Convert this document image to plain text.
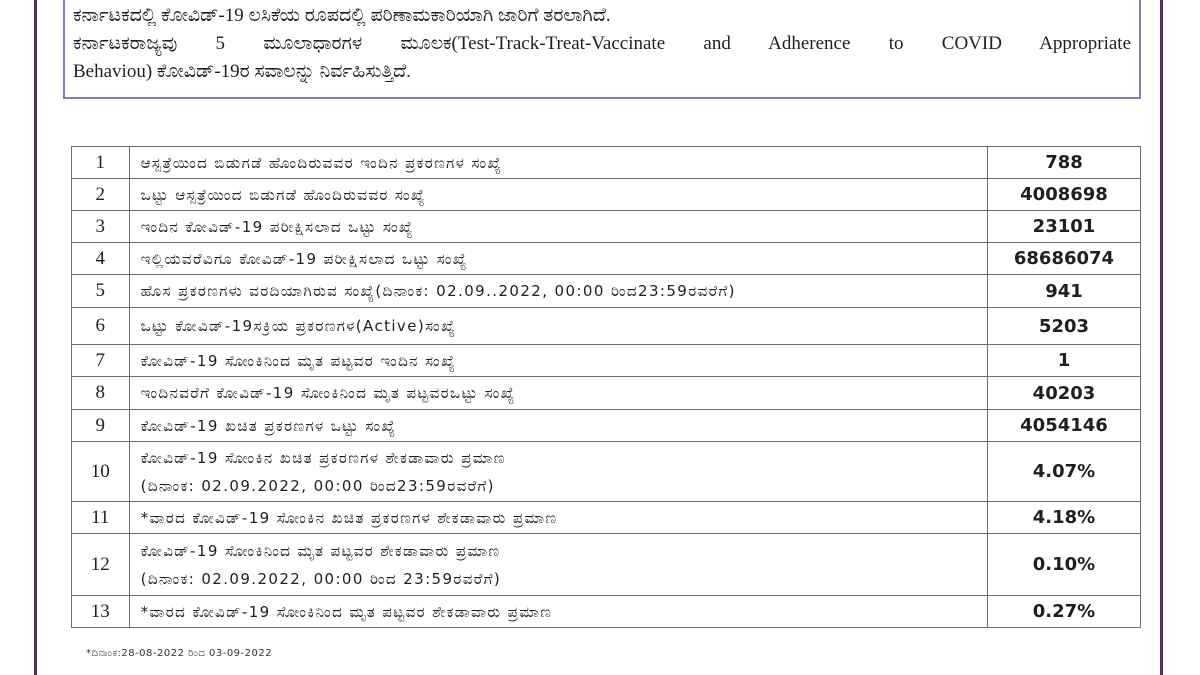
ಕರ್ನಾಟಕದಲ್ಲಿ ಕೋವಿಡ್-19 ಲಸಿಕೆಯ ರೂಪದಲ್ಲಿ ಪರಿಣಾಮಕಾರಿಯಾಗಿ ಜಾರಿಗೆ ತರಲಾಗಿದೆ.
ಕರ್ನಾಟಕರಾಜ್ಯವು 5 ಮೂಲಾಧಾರಗಳ ಮೂಲಕ(Test-Track-Treat-Vaccinate and Adherence to COVID Appropriate
Behaviou) ಕೋವಿಡ್-19ರ ಸವಾಲನ್ನು ನಿರ್ವಹಿಸುತ್ತಿದೆ.
1	ಆಸ್ಪತ್ರೆಯಿಂದ ಬಿಡುಗಡೆ ಹೊಂದಿರುವವರ ಇಂದಿನ ಪ್ರಕರಣಗಳ ಸಂಖ್ಯೆ	788
2	ಒಟ್ಟು ಆಸ್ಪತ್ರೆಯಿಂದ ಬಿಡುಗಡೆ ಹೊಂದಿರುವವರ ಸಂಖ್ಯೆ	4008698
3	ಇಂದಿನ ಕೋವಿಡ್-19 ಪರೀಕ್ಷಿಸಲಾದ ಒಟ್ಟು ಸಂಖ್ಯೆ	23101
4	ಇಲ್ಲಿಯವರೆವಿಗೂ ಕೋವಿಡ್-19 ಪರೀಕ್ಷಿಸಲಾದ ಒಟ್ಟು ಸಂಖ್ಯೆ	68686074
5	ಹೊಸ ಪ್ರಕರಣಗಳು ವರದಿಯಾಗಿರುವ ಸಂಖ್ಯೆ(ದಿನಾಂಕ: 02.09..2022, 00:00 ರಿಂದ23:59ರವರೆಗೆ)	941
6	ಒಟ್ಟು ಕೋವಿಡ್-19ಸಕ್ರಿಯ ಪ್ರಕರಣಗಳ(Active)ಸಂಖ್ಯೆ	5203
7	ಕೋವಿಡ್-19 ಸೋಂಕಿನಿಂದ ಮೃತ ಪಟ್ಟವರ ಇಂದಿನ ಸಂಖ್ಯೆ	1
8	ಇಂದಿನವರೆಗೆ ಕೋವಿಡ್-19 ಸೋಂಕಿನಿಂದ ಮೃತ ಪಟ್ಟವರಒಟ್ಟು ಸಂಖ್ಯೆ	40203
9	ಕೋವಿಡ್-19 ಖಚಿತ ಪ್ರಕರಣಗಳ ಒಟ್ಟು ಸಂಖ್ಯೆ	4054146
10	ಕೋವಿಡ್-19 ಸೋಂಕಿನ ಖಚಿತ ಪ್ರಕರಣಗಳ ಶೇಕಡಾವಾರು ಪ್ರಮಾಣ
(ದಿನಾಂಕ: 02.09.2022, 00:00 ರಿಂದ23:59ರವರೆಗೆ)	4.07%
11	*ವಾರದ ಕೋವಿಡ್-19 ಸೋಂಕಿನ ಖಚಿತ ಪ್ರಕರಣಗಳ ಶೇಕಡಾವಾರು ಪ್ರಮಾಣ	4.18%
12	ಕೋವಿಡ್-19 ಸೋಂಕಿನಿಂದ ಮೃತ ಪಟ್ಟವರ ಶೇಕಡಾವಾರು ಪ್ರಮಾಣ
(ದಿನಾಂಕ: 02.09.2022, 00:00 ರಿಂದ 23:59ರವರೆಗೆ)	0.10%
13	*ವಾರದ ಕೋವಿಡ್-19 ಸೋಂಕಿನಿಂದ ಮೃತ ಪಟ್ಟವರ ಶೇಕಡಾವಾರು ಪ್ರಮಾಣ	0.27%
*ದಿನಾಂಕ:28-08-2022 ರಿಂದ 03-09-2022
